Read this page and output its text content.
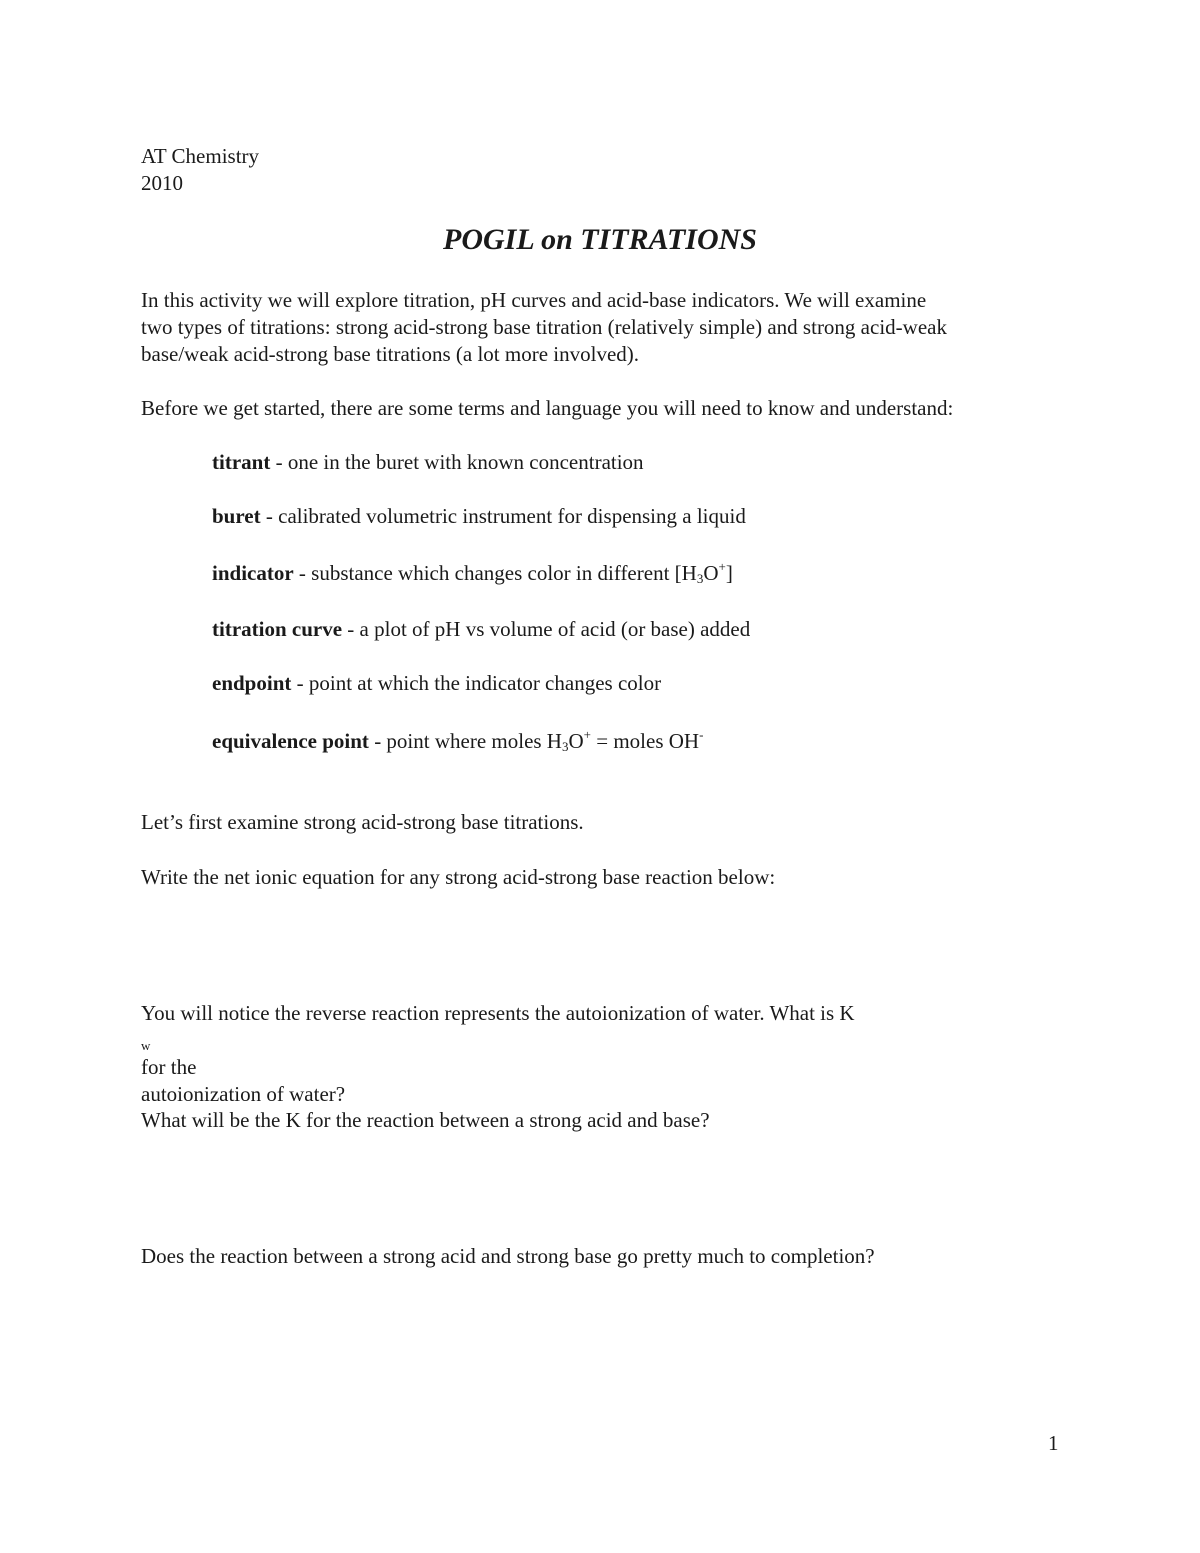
AT Chemistry
2010
POGIL on TITRATIONS
In this activity we will explore titration, pH curves and acid-base indicators. We will examine
two types of titrations: strong acid-strong base titration (relatively simple) and strong acid-weak
base/weak acid-strong base titrations (a lot more involved).
Before we get started, there are some terms and language you will need to know and understand:
titrant - one in the buret with known concentration
buret - calibrated volumetric instrument for dispensing a liquid
indicator - substance which changes color in different $[H_3O^+]$
titration curve - a plot of pH vs volume of acid (or base) added
endpoint - point at which the indicator changes color
equivalence point - point where moles $H_3O^+$ = moles OH-
Let’s first examine strong acid-strong base titrations.
Write the net ionic equation for any strong acid-strong base reaction below:
You will notice the reverse reaction represents the autoionization of water. What is K
$_w$
for the
autoionization of water?
What will be the K for the reaction between a strong acid and base?
Does the reaction between a strong acid and strong base go pretty much to completion?
1
